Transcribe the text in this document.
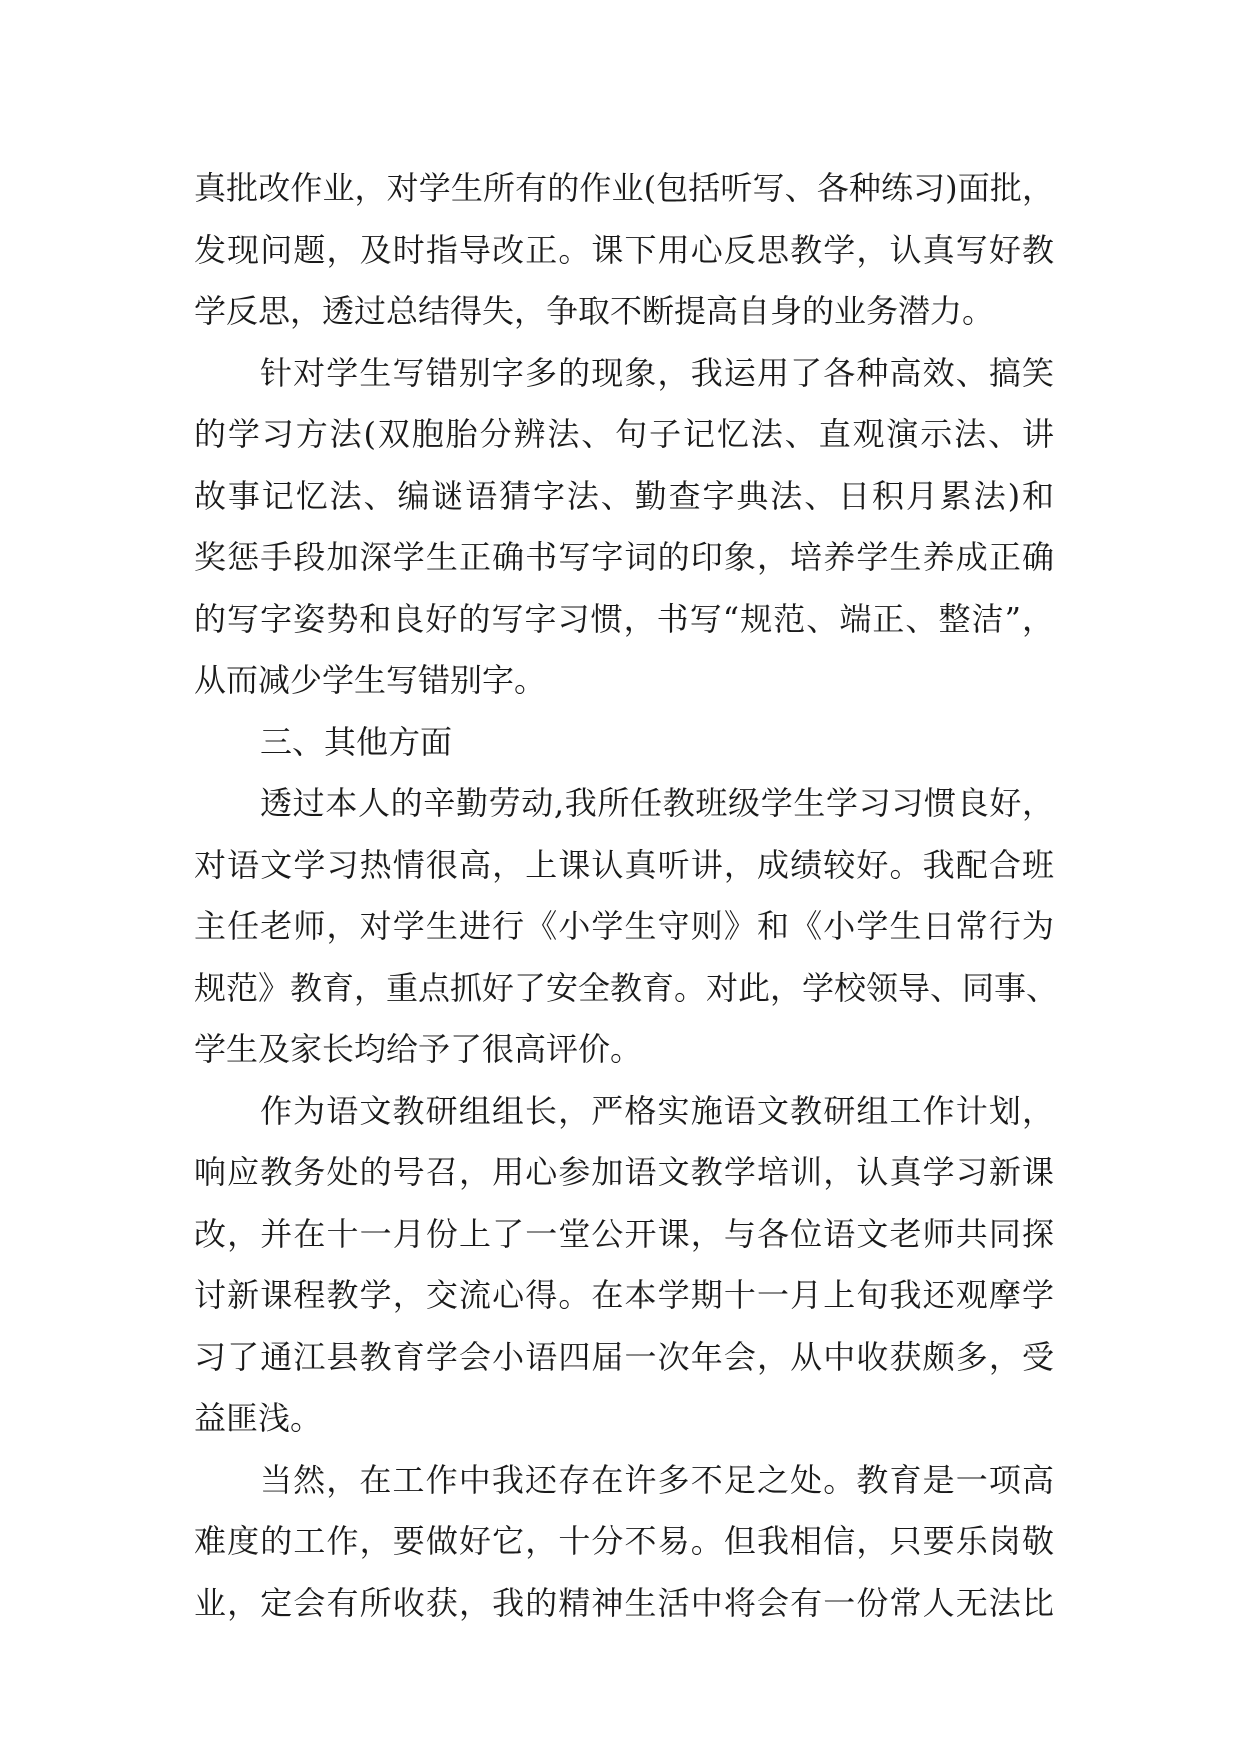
真批改作业，对学生所有的作业(包括听写、各种练习)面批，
发现问题，及时指导改正。课下用心反思教学，认真写好教
学反思，透过总结得失，争取不断提高自身的业务潜力。
针对学生写错别字多的现象，我运用了各种高效、搞笑
的学习方法(双胞胎分辨法、句子记忆法、直观演示法、讲
故事记忆法、编谜语猜字法、勤查字典法、日积月累法)和
奖惩手段加深学生正确书写字词的印象，培养学生养成正确
的写字姿势和良好的写字习惯，书写“规范、端正、整洁”，
从而减少学生写错别字。
三、其他方面
透过本人的辛勤劳动,我所任教班级学生学习习惯良好，
对语文学习热情很高，上课认真听讲，成绩较好。我配合班
主任老师，对学生进行《小学生守则》和《小学生日常行为
规范》教育，重点抓好了安全教育。对此，学校领导、同事、
学生及家长均给予了很高评价。
作为语文教研组组长，严格实施语文教研组工作计划，
响应教务处的号召，用心参加语文教学培训，认真学习新课
改，并在十一月份上了一堂公开课，与各位语文老师共同探
讨新课程教学，交流心得。在本学期十一月上旬我还观摩学
习了通江县教育学会小语四届一次年会，从中收获颇多，受
益匪浅。
当然，在工作中我还存在许多不足之处。教育是一项高
难度的工作，要做好它，十分不易。但我相信，只要乐岗敬
业，定会有所收获，我的精神生活中将会有一份常人无法比
